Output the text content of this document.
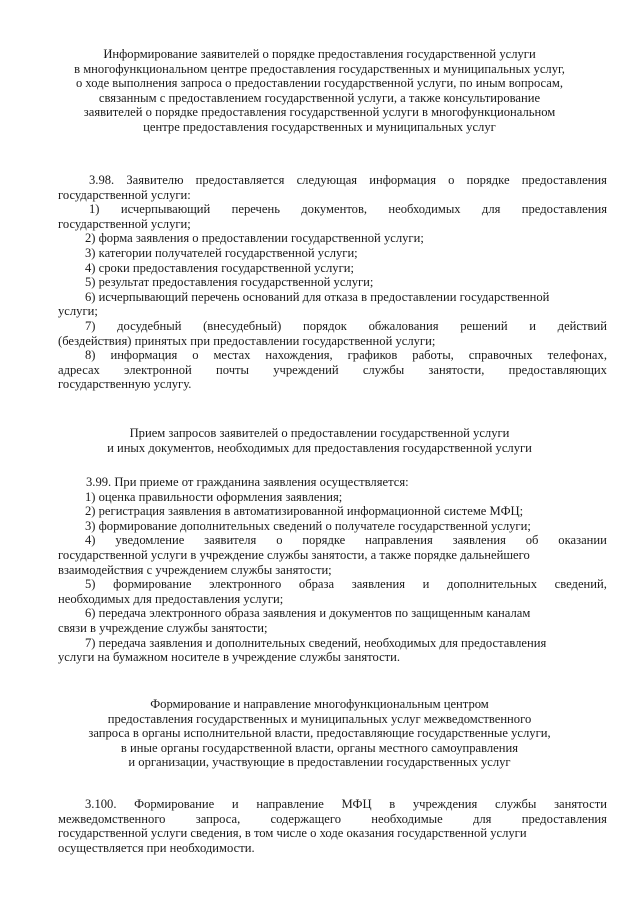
Информирование заявителей о порядке предоставления государственной услуги
в многофункциональном центре предоставления государственных и муниципальных услуг,
о ходе выполнения запроса о предоставлении государственной услуги, по иным вопросам,
связанным с предоставлением государственной услуги, а также консультирование
заявителей о порядке предоставления государственной услуги в многофункциональном
центре предоставления государственных и муниципальных услуг
3.98. Заявителю предоставляется следующая информация о порядке предоставления
государственной услуги:
1) исчерпывающий перечень документов, необходимых для предоставления
государственной услуги;
2) форма заявления о предоставлении государственной услуги;
3) категории получателей государственной услуги;
4) сроки предоставления государственной услуги;
5) результат предоставления государственной услуги;
6) исчерпывающий перечень оснований для отказа в предоставлении государственной
услуги;
7) досудебный (внесудебный) порядок обжалования решений и действий
(бездействия) принятых при предоставлении государственной услуги;
8) информация о местах нахождения, графиков работы, справочных телефонах,
адресах электронной почты учреждений службы занятости, предоставляющих
государственную услугу.
Прием запросов заявителей о предоставлении государственной услуги
и иных документов, необходимых для предоставления государственной услуги
3.99. При приеме от гражданина заявления осуществляется:
1) оценка правильности оформления заявления;
2) регистрация заявления в автоматизированной информационной системе МФЦ;
3) формирование дополнительных сведений о получателе государственной услуги;
4) уведомление заявителя о порядке направления заявления об оказании
государственной услуги в учреждение службы занятости, а также порядке дальнейшего
взаимодействия с учреждением службы занятости;
5) формирование электронного образа заявления и дополнительных сведений,
необходимых для предоставления услуги;
6) передача электронного образа заявления и документов по защищенным каналам
связи в учреждение службы занятости;
7) передача заявления и дополнительных сведений, необходимых для предоставления
услуги на бумажном носителе в учреждение службы занятости.
Формирование и направление многофункциональным центром
предоставления государственных и муниципальных услуг межведомственного
запроса в органы исполнительной власти, предоставляющие государственные услуги,
в иные органы государственной власти, органы местного самоуправления
и организации, участвующие в предоставлении государственных услуг
3.100. Формирование и направление МФЦ в учреждения службы занятости
межведомственного запроса, содержащего необходимые для предоставления
государственной услуги сведения, в том числе о ходе оказания государственной услуги
осуществляется при необходимости.
